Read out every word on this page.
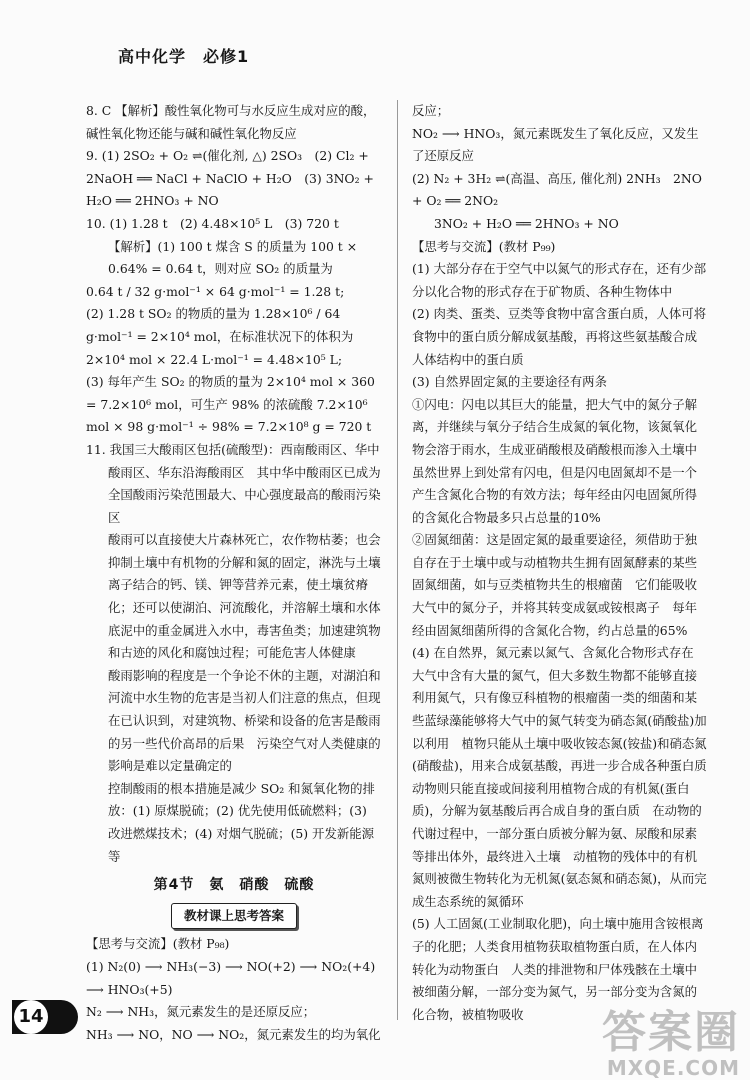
高中化学　必修1

8. C 【解析】酸性氧化物可与水反应生成对应的酸，碱性氧化物还能与碱和碱性氧化物反应

9. (1) 2SO₂ + O₂ ⇌(催化剂, △) 2SO₃　(2) Cl₂ + 2NaOH ══ NaCl + NaClO + H₂O　(3) 3NO₂ + H₂O ══ 2HNO₃ + NO

10. (1) 1.28 t　(2) 4.48×10⁵ L　(3) 720 t

【解析】(1) 100 t 煤含 S 的质量为 100 t × 0.64% = 0.64 t，则对应 SO₂ 的质量为

0.64 t / 32 g·mol⁻¹ × 64 g·mol⁻¹ = 1.28 t;

(2) 1.28 t SO₂ 的物质的量为 1.28×10⁶ / 64 g·mol⁻¹ = 2×10⁴ mol，在标准状况下的体积为 2×10⁴ mol × 22.4 L·mol⁻¹ = 4.48×10⁵ L;

(3) 每年产生 SO₂ 的物质的量为 2×10⁴ mol × 360 = 7.2×10⁶ mol，可生产 98% 的浓硫酸 7.2×10⁶ mol × 98 g·mol⁻¹ ÷ 98% = 7.2×10⁸ g = 720 t

11. 我国三大酸雨区包括(硫酸型)：西南酸雨区、华中酸雨区、华东沿海酸雨区　其中华中酸雨区已成为全国酸雨污染范围最大、中心强度最高的酸雨污染区

酸雨可以直接使大片森林死亡，农作物枯萎；也会抑制土壤中有机物的分解和氮的固定，淋洗与土壤离子结合的钙、镁、钾等营养元素，使土壤贫瘠化；还可以使湖泊、河流酸化，并溶解土壤和水体底泥中的重金属进入水中，毒害鱼类；加速建筑物和古迹的风化和腐蚀过程；可能危害人体健康

酸雨影响的程度是一个争论不休的主题，对湖泊和河流中水生物的危害是当初人们注意的焦点，但现在已认识到，对建筑物、桥梁和设备的危害是酸雨的另一些代价高昂的后果　污染空气对人类健康的影响是难以定量确定的

控制酸雨的根本措施是减少 SO₂ 和氮氧化物的排放：(1) 原煤脱硫；(2) 优先使用低硫燃料；(3) 改进燃煤技术；(4) 对烟气脱硫；(5) 开发新能源等

第4节　氨　硝酸　硫酸
教材课上思考答案

【思考与交流】(教材 P₉₈)

(1) N₂(0) ⟶ NH₃(−3) ⟶ NO(+2) ⟶ NO₂(+4) ⟶ HNO₃(+5)

N₂ ⟶ NH₃，氮元素发生的是还原反应；

NH₃ ⟶ NO，NO ⟶ NO₂，氮元素发生的均为氧化

反应；

NO₂ ⟶ HNO₃，氮元素既发生了氧化反应，又发生了还原反应

(2) N₂ + 3H₂ ⇌(高温、高压, 催化剂) 2NH₃　2NO + O₂ ══ 2NO₂

3NO₂ + H₂O ══ 2HNO₃ + NO

【思考与交流】(教材 P₉₉)

(1) 大部分存在于空气中以氮气的形式存在，还有少部分以化合物的形式存在于矿物质、各种生物体中

(2) 肉类、蛋类、豆类等食物中富含蛋白质，人体可将食物中的蛋白质分解成氨基酸，再将这些氨基酸合成人体结构中的蛋白质

(3) 自然界固定氮的主要途径有两条

①闪电：闪电以其巨大的能量，把大气中的氮分子解离，并继续与氧分子结合生成氮的氧化物，该氮氧化物会溶于雨水，生成亚硝酸根及硝酸根而渗入土壤中　虽然世界上到处常有闪电，但是闪电固氮却不是一个产生含氮化合物的有效方法；每年经由闪电固氮所得的含氮化合物最多只占总量的10%

②固氮细菌：这是固定氮的最重要途径，须借助于独自存在于土壤中或与动植物共生拥有固氮酵素的某些固氮细菌，如与豆类植物共生的根瘤菌　它们能吸收大气中的氮分子，并将其转变成氨或铵根离子　每年经由固氮细菌所得的含氮化合物，约占总量的65%

(4) 在自然界，氮元素以氮气、含氮化合物形式存在　大气中含有大量的氮气，但大多数生物都不能够直接利用氮气，只有像豆科植物的根瘤菌一类的细菌和某些蓝绿藻能够将大气中的氮气转变为硝态氮(硝酸盐)加以利用　植物只能从土壤中吸收铵态氮(铵盐)和硝态氮(硝酸盐)，用来合成氨基酸，再进一步合成各种蛋白质　动物则只能直接或间接利用植物合成的有机氮(蛋白质)，分解为氨基酸后再合成自身的蛋白质　在动物的代谢过程中，一部分蛋白质被分解为氨、尿酸和尿素等排出体外，最终进入土壤　动植物的残体中的有机氮则被微生物转化为无机氮(氨态氮和硝态氮)，从而完成生态系统的氮循环

(5) 人工固氮(工业制取化肥)，向土壤中施用含铵根离子的化肥；人类食用植物获取植物蛋白质，在人体内转化为动物蛋白　人类的排泄物和尸体残骸在土壤中被细菌分解，一部分变为氮气，另一部分变为含氮的化合物，被植物吸收

14	答案圈
MXQE.COM
